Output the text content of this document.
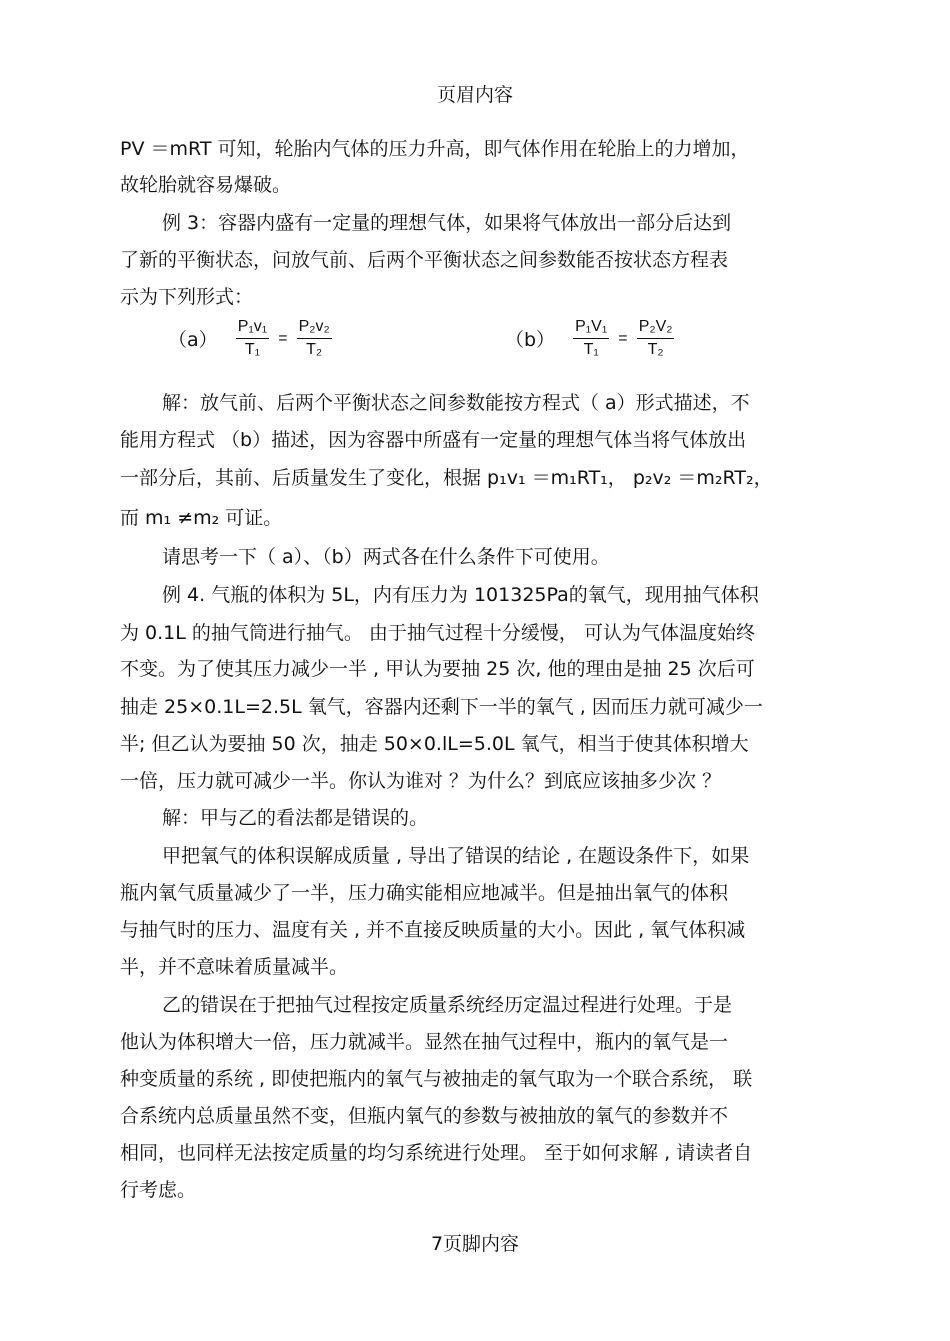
页眉内容
PV ＝mRT 可知，轮胎内气体的压力升高，即气体作用在轮胎上的力增加，
故轮胎就容易爆破。
例 3：容器内盛有一定量的理想气体，如果将气体放出一部分后达到
了新的平衡状态，问放气前、后两个平衡状态之间参数能否按状态方程表
示为下列形式：
$(a) \frac{\text{P₁v₁}}{\text{T₁}} = \frac{\text{P₂v₂}}{\text{T₂}}$	$(b) \frac{\text{P₁V₁}}{\text{T₁}} = \frac{\text{P₂V₂}}{\text{T₂}}$
解：放气前、后两个平衡状态之间参数能按方程式（ a）形式描述，不
能用方程式 （b）描述，因为容器中所盛有一定量的理想气体当将气体放出
一部分后，其前、后质量发生了变化，根据 p₁v₁ ＝m₁RT₁， p₂v₂ ＝m₂RT₂，
而 m₁ ≠m₂ 可证。
请思考一下（ a）、（b）两式各在什么条件下可使用。
例 4. 气瓶的体积为 5L，内有压力为 101325Pa的氧气，现用抽气体积
为 0.1L 的抽气筒进行抽气。 由于抽气过程十分缓慢， 可认为气体温度始终
不变。为了使其压力减少一半 , 甲认为要抽 25 次, 他的理由是抽 25 次后可
抽走 25×0.1L=2.5L 氧气，容器内还剩下一半的氧气 , 因而压力就可减少一
半; 但乙认为要抽 50 次，抽走 50×0.lL=5.0L 氧气，相当于使其体积增大
一倍，压力就可减少一半。你认为谁对 ？为什么？到底应该抽多少次 ？
解：甲与乙的看法都是错误的。
甲把氧气的体积误解成质量 , 导出了错误的结论 , 在题设条件下，如果
瓶内氧气质量减少了一半，压力确实能相应地减半。但是抽出氧气的体积
与抽气时的压力、温度有关 , 并不直接反映质量的大小。因此 , 氧气体积减
半，并不意味着质量减半。
乙的错误在于把抽气过程按定质量系统经历定温过程进行处理。于是
他认为体积增大一倍，压力就减半。显然在抽气过程中，瓶内的氧气是一
种变质量的系统 , 即使把瓶内的氧气与被抽走的氧气取为一个联合系统， 联
合系统内总质量虽然不变，但瓶内氧气的参数与被抽放的氧气的参数并不
相同，也同样无法按定质量的均匀系统进行处理。 至于如何求解 , 请读者自
行考虑。
7页脚内容
